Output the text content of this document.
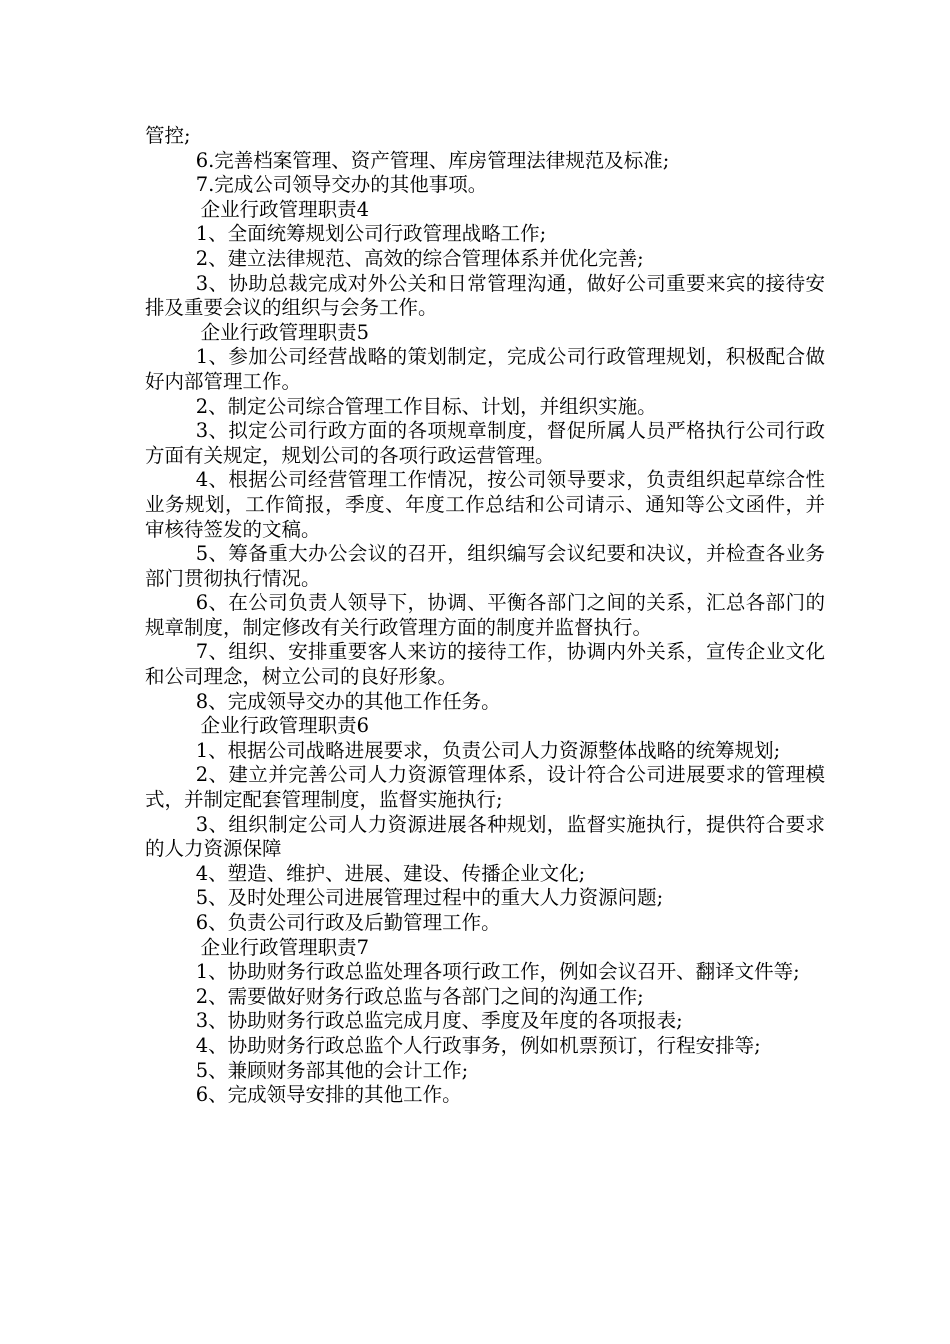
管控;

6.完善档案管理、资产管理、库房管理法律规范及标准;

7.完成公司领导交办的其他事项。

企业行政管理职责4

1、全面统筹规划公司行政管理战略工作;

2、建立法律规范、高效的综合管理体系并优化完善;

3、协助总裁完成对外公关和日常管理沟通，做好公司重要来宾的接待安排及重要会议的组织与会务工作。

企业行政管理职责5

1、参加公司经营战略的策划制定，完成公司行政管理规划，积极配合做好内部管理工作。

2、制定公司综合管理工作目标、计划，并组织实施。

3、拟定公司行政方面的各项规章制度，督促所属人员严格执行公司行政方面有关规定，规划公司的各项行政运营管理。

4、根据公司经营管理工作情况，按公司领导要求，负责组织起草综合性业务规划，工作简报，季度、年度工作总结和公司请示、通知等公文函件，并审核待签发的文稿。

5、筹备重大办公会议的召开，组织编写会议纪要和决议，并检查各业务部门贯彻执行情况。

6、在公司负责人领导下，协调、平衡各部门之间的关系，汇总各部门的规章制度，制定修改有关行政管理方面的制度并监督执行。

7、组织、安排重要客人来访的接待工作，协调内外关系，宣传企业文化和公司理念，树立公司的良好形象。

8、完成领导交办的其他工作任务。

企业行政管理职责6

1、根据公司战略进展要求，负责公司人力资源整体战略的统筹规划;

2、建立并完善公司人力资源管理体系，设计符合公司进展要求的管理模式，并制定配套管理制度，监督实施执行;

3、组织制定公司人力资源进展各种规划，监督实施执行，提供符合要求的人力资源保障

4、塑造、维护、进展、建设、传播企业文化;

5、及时处理公司进展管理过程中的重大人力资源问题;

6、负责公司行政及后勤管理工作。

企业行政管理职责7

1、协助财务行政总监处理各项行政工作，例如会议召开、翻译文件等;

2、需要做好财务行政总监与各部门之间的沟通工作;

3、协助财务行政总监完成月度、季度及年度的各项报表;

4、协助财务行政总监个人行政事务，例如机票预订，行程安排等;

5、兼顾财务部其他的会计工作;

6、完成领导安排的其他工作。
